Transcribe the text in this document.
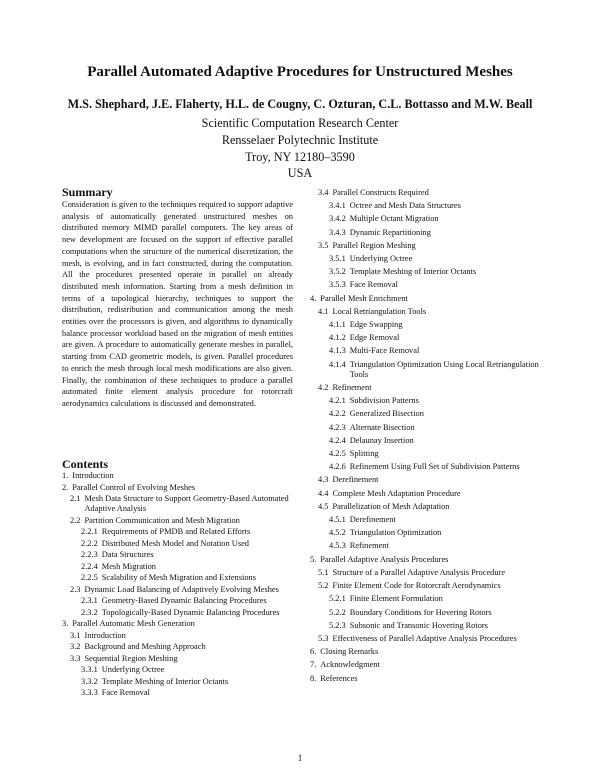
Parallel Automated Adaptive Procedures for Unstructured Meshes
M.S. Shephard, J.E. Flaherty, H.L. de Cougny, C. Ozturan, C.L. Bottasso and M.W. Beall
Scientific Computation Research Center
Rensselaer Polytechnic Institute
Troy, NY 12180–3590
USA
Summary

Consideration is given to the techniques required to support adaptive analysis of automatically generated unstructured meshes on distributed memory MIMD parallel computers. The key areas of new development are focused on the support of effective parallel computations when the structure of the numerical discretization, the mesh, is evolving, and in fact constructed, during the computation. All the procedures presented operate in parallel on already distributed mesh information. Starting from a mesh definition in terms of a topological hierarchy, techniques to support the distribution, redistribution and communication among the mesh entities over the processors is given, and algorithms to dynamically balance processor workload based on the migration of mesh entities are given. A procedure to automatically generate meshes in parallel, starting from CAD geometric models, is given. Parallel procedures to enrich the mesh through local mesh modifications are also given. Finally, the combination of these techniques to produce a parallel automated finite element analysis procedure for rotorcraft aerodynamics calculations is discussed and demonstrated.

Contents
1. Introduction
2. Parallel Control of Evolving Meshes
2.1 Mesh Data Structure to Support Geometry-Based Automated Adaptive Analysis
2.2 Partition Communication and Mesh Migration
2.2.1 Requirements of PMDB and Related Efforts
2.2.2 Distributed Mesh Model and Notation Used
2.2.3 Data Structures
2.2.4 Mesh Migration
2.2.5 Scalability of Mesh Migration and Extensions
2.3 Dynamic Load Balancing of Adaptively Evolving Meshes
2.3.1 Geometry-Based Dynamic Balancing Procedures
2.3.2 Topologically-Based Dynamic Balancing Procedures
3. Parallel Automatic Mesh Generation
3.1 Introduction
3.2 Background and Meshing Approach
3.3 Sequential Region Meshing
3.3.1 Underlying Octree
3.3.2 Template Meshing of Interior Octants
3.3.3 Face Removal
3.4 Parallel Constructs Required
3.4.1 Octree and Mesh Data Structures
3.4.2 Multiple Octant Migration
3.4.3 Dynamic Repartitioning
3.5 Parallel Region Meshing
3.5.1 Underlying Octree
3.5.2 Template Meshing of Interior Octants
3.5.3 Face Removal
4. Parallel Mesh Enrichment
4.1 Local Retriangulation Tools
4.1.1 Edge Swapping
4.1.2 Edge Removal
4.1.3 Multi-Face Removal
4.1.4 Triangulation Optimization Using Local Retriangulation Tools
4.2 Refinement
4.2.1 Subdivision Patterns
4.2.2 Generalized Bisection
4.2.3 Alternate Bisection
4.2.4 Delaunay Insertion
4.2.5 Splitting
4.2.6 Refinement Using Full Set of Subdivision Patterns
4.3 Derefinement
4.4 Complete Mesh Adaptation Procedure
4.5 Parallelization of Mesh Adaptation
4.5.1 Derefinement
4.5.2 Triangulation Optimization
4.5.3 Refinement
5. Parallel Adaptive Analysis Procedures
5.1 Structure of a Parallel Adaptive Analysis Procedure
5.2 Finite Element Code for Rotorcraft Aerodynamics
5.2.1 Finite Element Formulation
5.2.2 Boundary Conditions for Hovering Rotors
5.2.3 Subsonic and Transonic Hovering Rotors
5.3 Effectiveness of Parallel Adaptive Analysis Procedures
6. Closing Remarks
7. Acknowledgment
8. References
1
